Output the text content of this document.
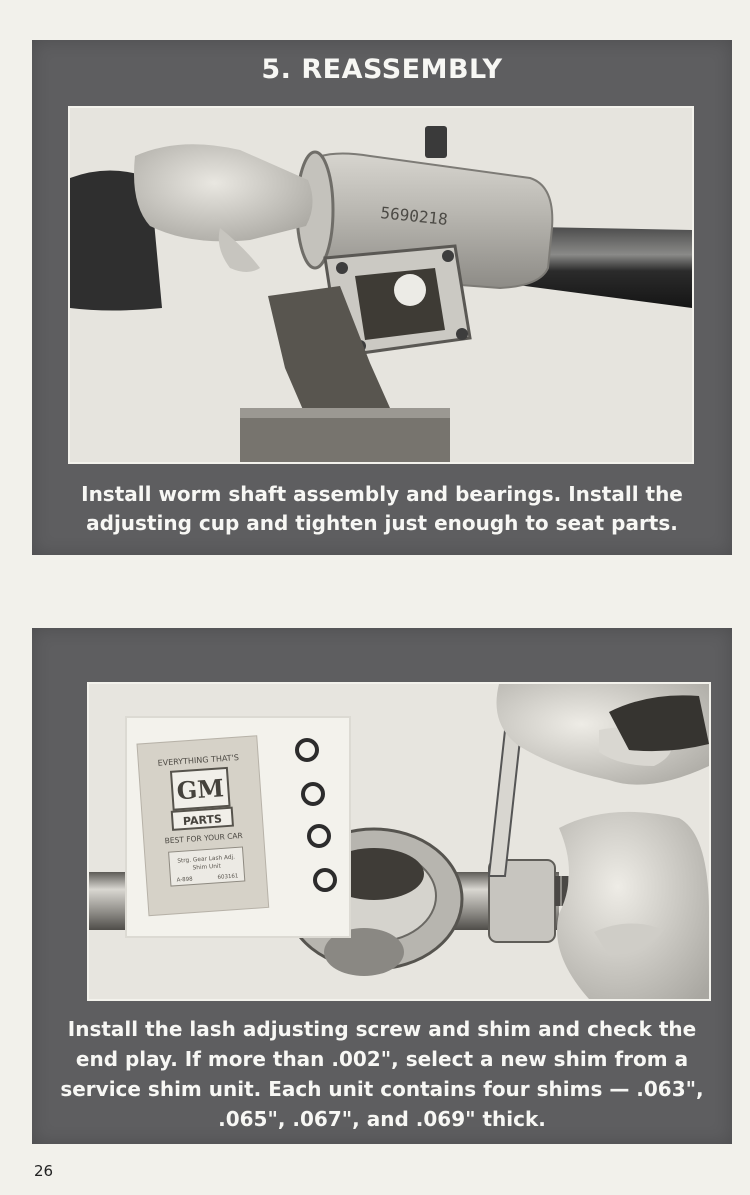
5. REASSEMBLY
5690218

Install worm shaft assembly and bearings. Install the adjusting cup and tighten just enough to seat parts.

EVERYTHING THAT'S
GM
PARTS
BEST FOR YOUR CAR
Strg. Gear Lash Adj.
Shim Unit
A-898	603161

Install the lash adjusting screw and shim and check the end play. If more than .002", select a new shim from a service shim unit. Each unit contains four shims — .063", .065", .067", and .069" thick.

26
